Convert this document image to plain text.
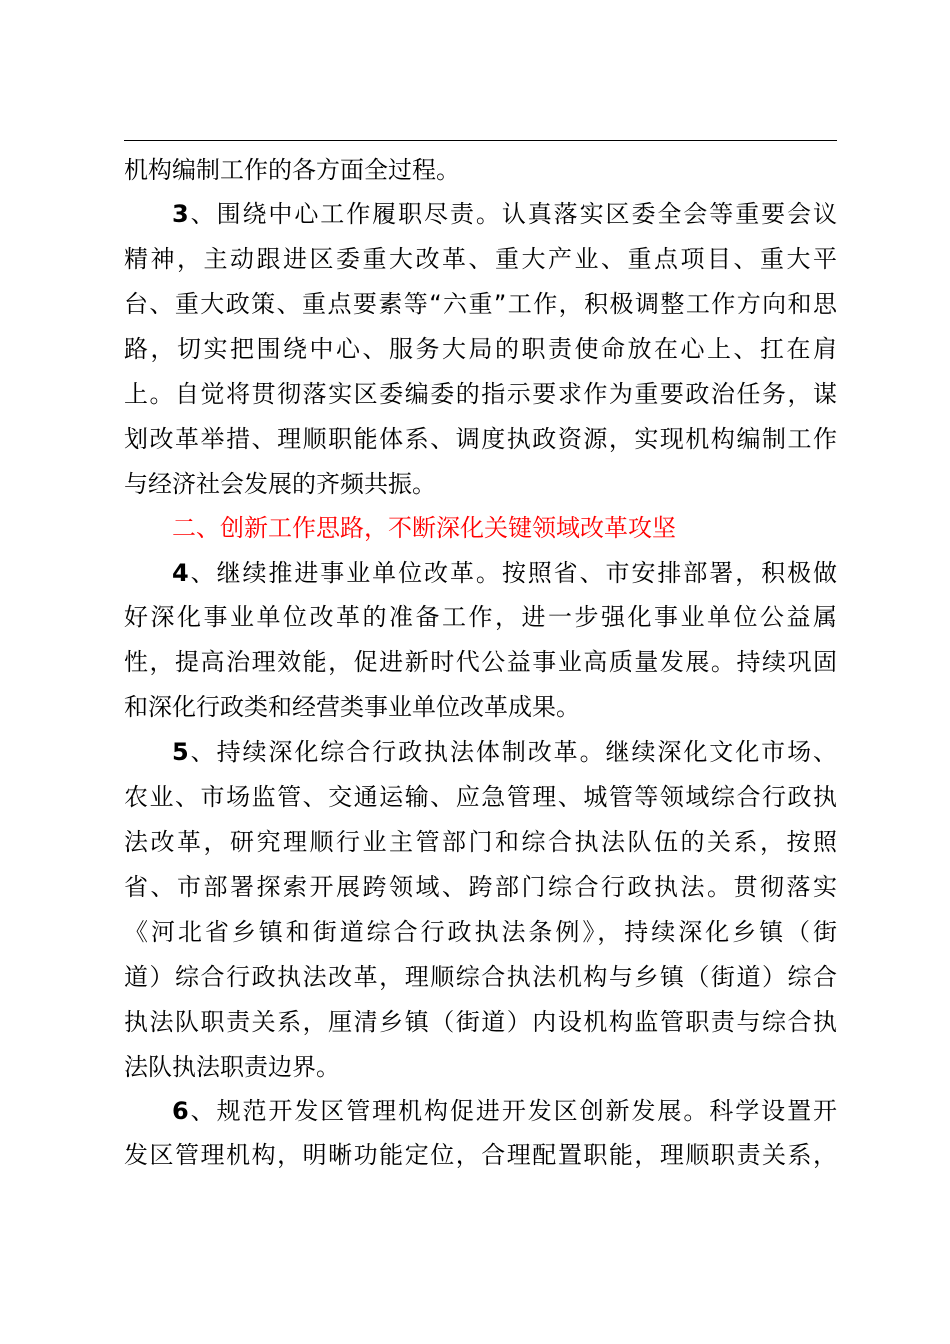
机构编制工作的各方面全过程。
3、围绕中心工作履职尽责。认真落实区委全会等重要会议
精神，主动跟进区委重大改革、重大产业、重点项目、重大平
台、重大政策、重点要素等“六重”工作，积极调整工作方向和思
路，切实把围绕中心、服务大局的职责使命放在心上、扛在肩
上。自觉将贯彻落实区委编委的指示要求作为重要政治任务，谋
划改革举措、理顺职能体系、调度执政资源，实现机构编制工作
与经济社会发展的齐频共振。
二、创新工作思路，不断深化关键领域改革攻坚
4、继续推进事业单位改革。按照省、市安排部署，积极做
好深化事业单位改革的准备工作，进一步强化事业单位公益属
性，提高治理效能，促进新时代公益事业高质量发展。持续巩固
和深化行政类和经营类事业单位改革成果。
5、持续深化综合行政执法体制改革。继续深化文化市场、
农业、市场监管、交通运输、应急管理、城管等领域综合行政执
法改革，研究理顺行业主管部门和综合执法队伍的关系，按照
省、市部署探索开展跨领域、跨部门综合行政执法。贯彻落实
《河北省乡镇和街道综合行政执法条例》，持续深化乡镇（街
道）综合行政执法改革，理顺综合执法机构与乡镇（街道）综合
执法队职责关系，厘清乡镇（街道）内设机构监管职责与综合执
法队执法职责边界。
6、规范开发区管理机构促进开发区创新发展。科学设置开
发区管理机构，明晰功能定位，合理配置职能，理顺职责关系，
